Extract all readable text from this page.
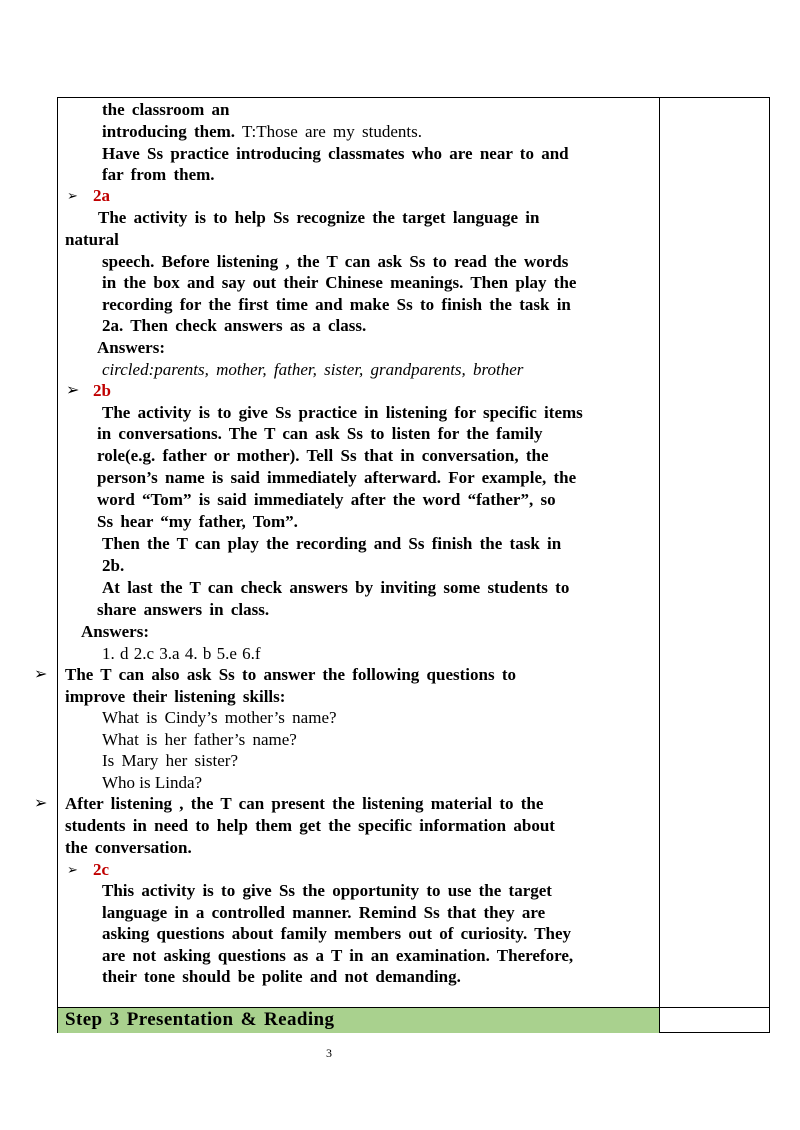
the classroom an
introducing them. T:Those are my students.
Have Ss practice introducing classmates who are near to and
far from them.
➢ 2a
The activity is to help Ss recognize the target language in
natural
speech. Before listening , the T can ask Ss to read the words
in the box and say out their Chinese meanings. Then play the
recording for the first time and make Ss to finish the task in
2a. Then check answers as a class.
Answers:
circled:parents, mother, father, sister, grandparents, brother
➢ 2b
The activity is to give Ss practice in listening for specific items
in conversations. The T can ask Ss to listen for the family
role(e.g. father or mother). Tell Ss that in conversation, the
person’s name is said immediately afterward. For example, the
word “Tom” is said immediately after the word “father”, so
Ss hear “my father, Tom”.
Then the T can play the recording and Ss finish the task in
2b.
At last the T can check answers by inviting some students to
share answers in class.
Answers:
1. d 2.c 3.a 4. b 5.e 6.f
➢ The T can also ask Ss to answer the following questions to
improve their listening skills:
What is Cindy’s mother’s name?
What is her father’s name?
Is Mary her sister?
Who is Linda?
➢ After listening , the T can present the listening material to the
students in need to help them get the specific information about
the conversation.
➢ 2c
This activity is to give Ss the opportunity to use the target
language in a controlled manner. Remind Ss that they are
asking questions about family members out of curiosity. They
are not asking questions as a T in an examination. Therefore,
their tone should be polite and not demanding.
Step 3 Presentation & Reading
3
